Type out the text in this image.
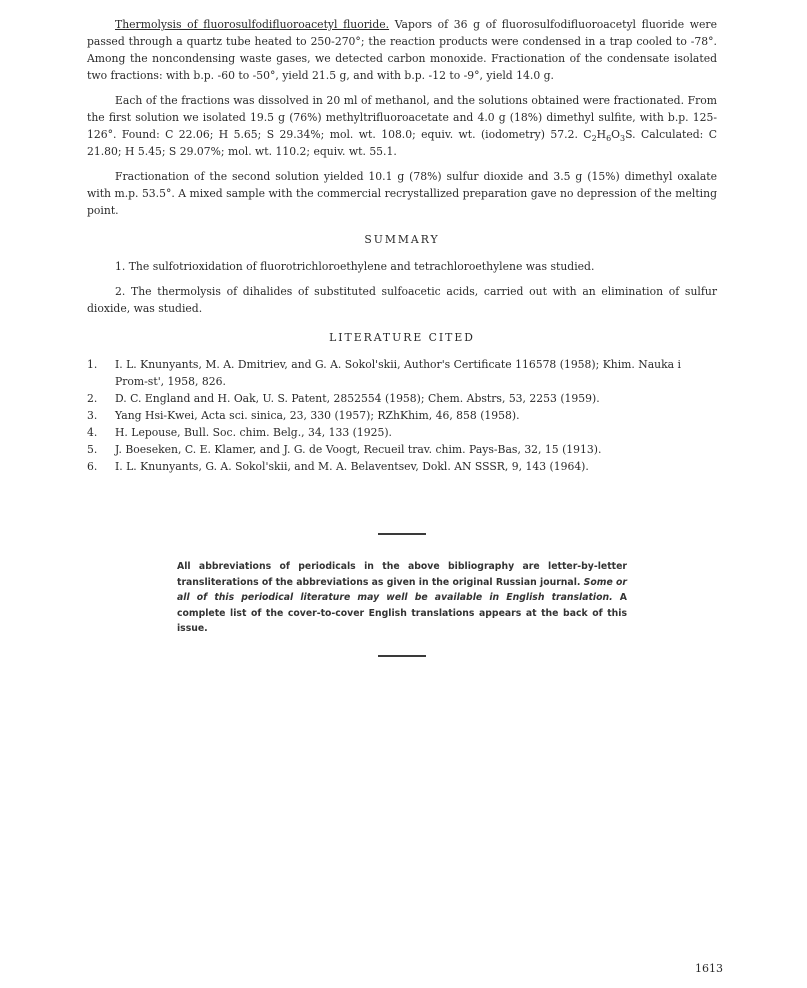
Thermolysis of fluorosulfodifluoroacetyl fluoride. Vapors of 36 g of fluorosulfodifluoroacetyl fluoride were passed through a quartz tube heated to 250-270°; the reaction products were condensed in a trap cooled to -78°. Among the noncondensing waste gases, we detected carbon monoxide. Fractionation of the condensate isolated two fractions: with b.p. -60 to -50°, yield 21.5 g, and with b.p. -12 to -9°, yield 14.0 g.

Each of the fractions was dissolved in 20 ml of methanol, and the solutions obtained were fractionated. From the first solution we isolated 19.5 g (76%) methyltrifluoroacetate and 4.0 g (18%) dimethyl sulfite, with b.p. 125-126°. Found: C 22.06; H 5.65; S 29.34%; mol. wt. 108.0; equiv. wt. (iodometry) 57.2. $C_2H_6O_3S$. Calculated: C 21.80; H 5.45; S 29.07%; mol. wt. 110.2; equiv. wt. 55.1.

Fractionation of the second solution yielded 10.1 g (78%) sulfur dioxide and 3.5 g (15%) dimethyl oxalate with m.p. 53.5°. A mixed sample with the commercial recrystallized preparation gave no depression of the melting point.

SUMMARY

1. The sulfotrioxidation of fluorotrichloroethylene and tetrachloroethylene was studied.

2. The thermolysis of dihalides of substituted sulfoacetic acids, carried out with an elimination of sulfur dioxide, was studied.

LITERATURE CITED
1.	I. L. Knunyants, M. A. Dmitriev, and G. A. Sokol'skii, Author's Certificate 116578 (1958); Khim. Nauka i Prom-st', 1958, 826.
2.	D. C. England and H. Oak, U. S. Patent, 2852554 (1958); Chem. Abstrs, 53, 2253 (1959).
3.	Yang Hsi-Kwei, Acta sci. sinica, 23, 330 (1957); RZhKhim, 46, 858 (1958).
4.	H. Lepouse, Bull. Soc. chim. Belg., 34, 133 (1925).
5.	J. Boeseken, C. E. Klamer, and J. G. de Voogt, Recueil trav. chim. Pays-Bas, 32, 15 (1913).
6.	I. L. Knunyants, G. A. Sokol'skii, and M. A. Belaventsev, Dokl. AN SSSR, 9, 143 (1964).

All abbreviations of periodicals in the above bibliography are letter-by-letter transliterations of the abbreviations as given in the original Russian journal. Some or all of this periodical literature may well be available in English translation. A complete list of the cover-to-cover English translations appears at the back of this issue.

1613
